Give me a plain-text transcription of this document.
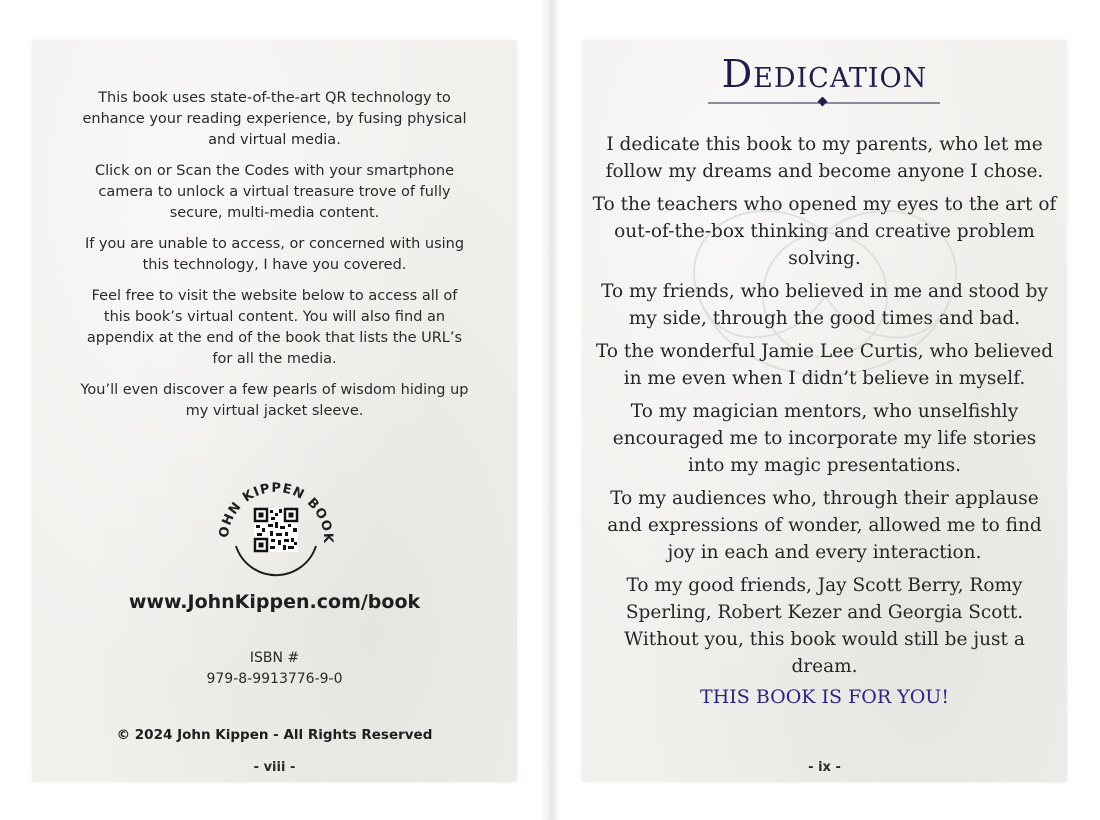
This book uses state-of-the-art QR technology to enhance your reading experience, by fusing physical and virtual media.

Click on or Scan the Codes with your smartphone camera to unlock a virtual treasure trove of fully secure, multi-media content.

If you are unable to access, or concerned with using this technology, I have you covered.

Feel free to visit the website below to access all of this book’s virtual content. You will also find an appendix at the end of the book that lists the URL’s for all the media.

You’ll even discover a few pearls of wisdom hiding up my virtual jacket sleeve.

OHN KIPPEN BOOK
www.JohnKippen.com/book
ISBN #
979-8-9913776-9-0
© 2024 John Kippen - All Rights Reserved
- viii -
Dedication

I dedicate this book to my parents, who let me follow my dreams and become anyone I chose.

To the teachers who opened my eyes to the art of out-of-the-box thinking and creative problem solving.

To my friends, who believed in me and stood by my side, through the good times and bad.

To the wonderful Jamie Lee Curtis, who believed in me even when I didn’t believe in myself.

To my magician mentors, who unselfishly encouraged me to incorporate my life stories into my magic presentations.

To my audiences who, through their applause and expressions of wonder, allowed me to find joy in each and every interaction.

To my good friends, Jay Scott Berry, Romy Sperling, Robert Kezer and Georgia Scott. Without you, this book would still be just a dream.

THIS BOOK IS FOR YOU!
- ix -
